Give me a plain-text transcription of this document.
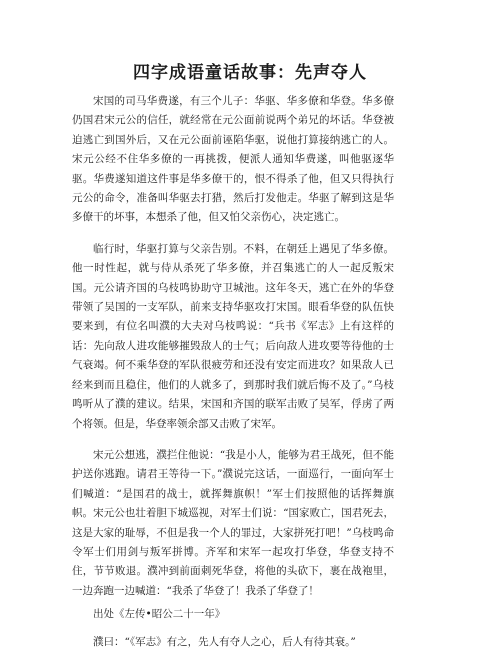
四字成语童话故事：先声夺人

宋国的司马华费遂，有三个儿子：华驱、华多僚和华登。华多僚仍国君宋元公的信任，就经常在元公面前说两个弟兄的坏话。华登被迫逃亡到国外后，又在元公面前诬陷华驱，说他打算接纳逃亡的人。宋元公经不住华多僚的一再挑拨，便派人通知华费遂，叫他驱逐华驱。华费遂知道这件事是华多僚干的，恨不得杀了他，但又只得执行元公的命令，准备叫华驱去打猎，然后打发他走。华驱了解到这是华多僚干的坏事，本想杀了他，但又怕父亲伤心，决定逃亡。

临行时，华驱打算与父亲告别。不料，在朝廷上遇见了华多僚。他一时性起，就与侍从杀死了华多僚，并召集逃亡的人一起反叛宋国。元公请齐国的乌枝鸣协助守卫城池。这年冬天，逃亡在外的华登带领了吴国的一支军队，前来支持华驱攻打宋国。眼看华登的队伍快要来到，有位名叫濮的大夫对乌枝鸣说：“兵书《军志》上有这样的话：先向敌人进攻能够摧毁敌人的士气；后向敌人进攻要等待他的士气衰竭。何不乘华登的军队很疲劳和还没有安定而进攻？如果敌人已经来到而且稳住，他们的人就多了，到那时我们就后悔不及了。”乌枝鸣听从了濮的建议。结果，宋国和齐国的联军击败了吴军，俘虏了两个将领。但是，华登率领余部又击败了宋军。

宋元公想逃，濮拦住他说：“我是小人，能够为君王战死，但不能护送你逃跑。请君王等待一下。”濮说完这话，一面巡行，一面向军士们喊道：“是国君的战士，就挥舞旗帜！”军士们按照他的话挥舞旗帜。宋元公也壮着胆下城巡视，对军士们说：“国家败亡，国君死去，这是大家的耻辱，不但是我一个人的罪过，大家拼死打吧！”乌枝鸣命令军士们用剑与叛军拼博。齐军和宋军一起攻打华登，华登支持不住，节节败退。濮冲到前面刺死华登，将他的头砍下，裹在战袍里，一边奔跑一边喊道：“我杀了华登了！我杀了华登了！

出处《左传•昭公二十一年》

濮曰：“《军志》有之，先人有夺人之心，后人有待其衰。”
